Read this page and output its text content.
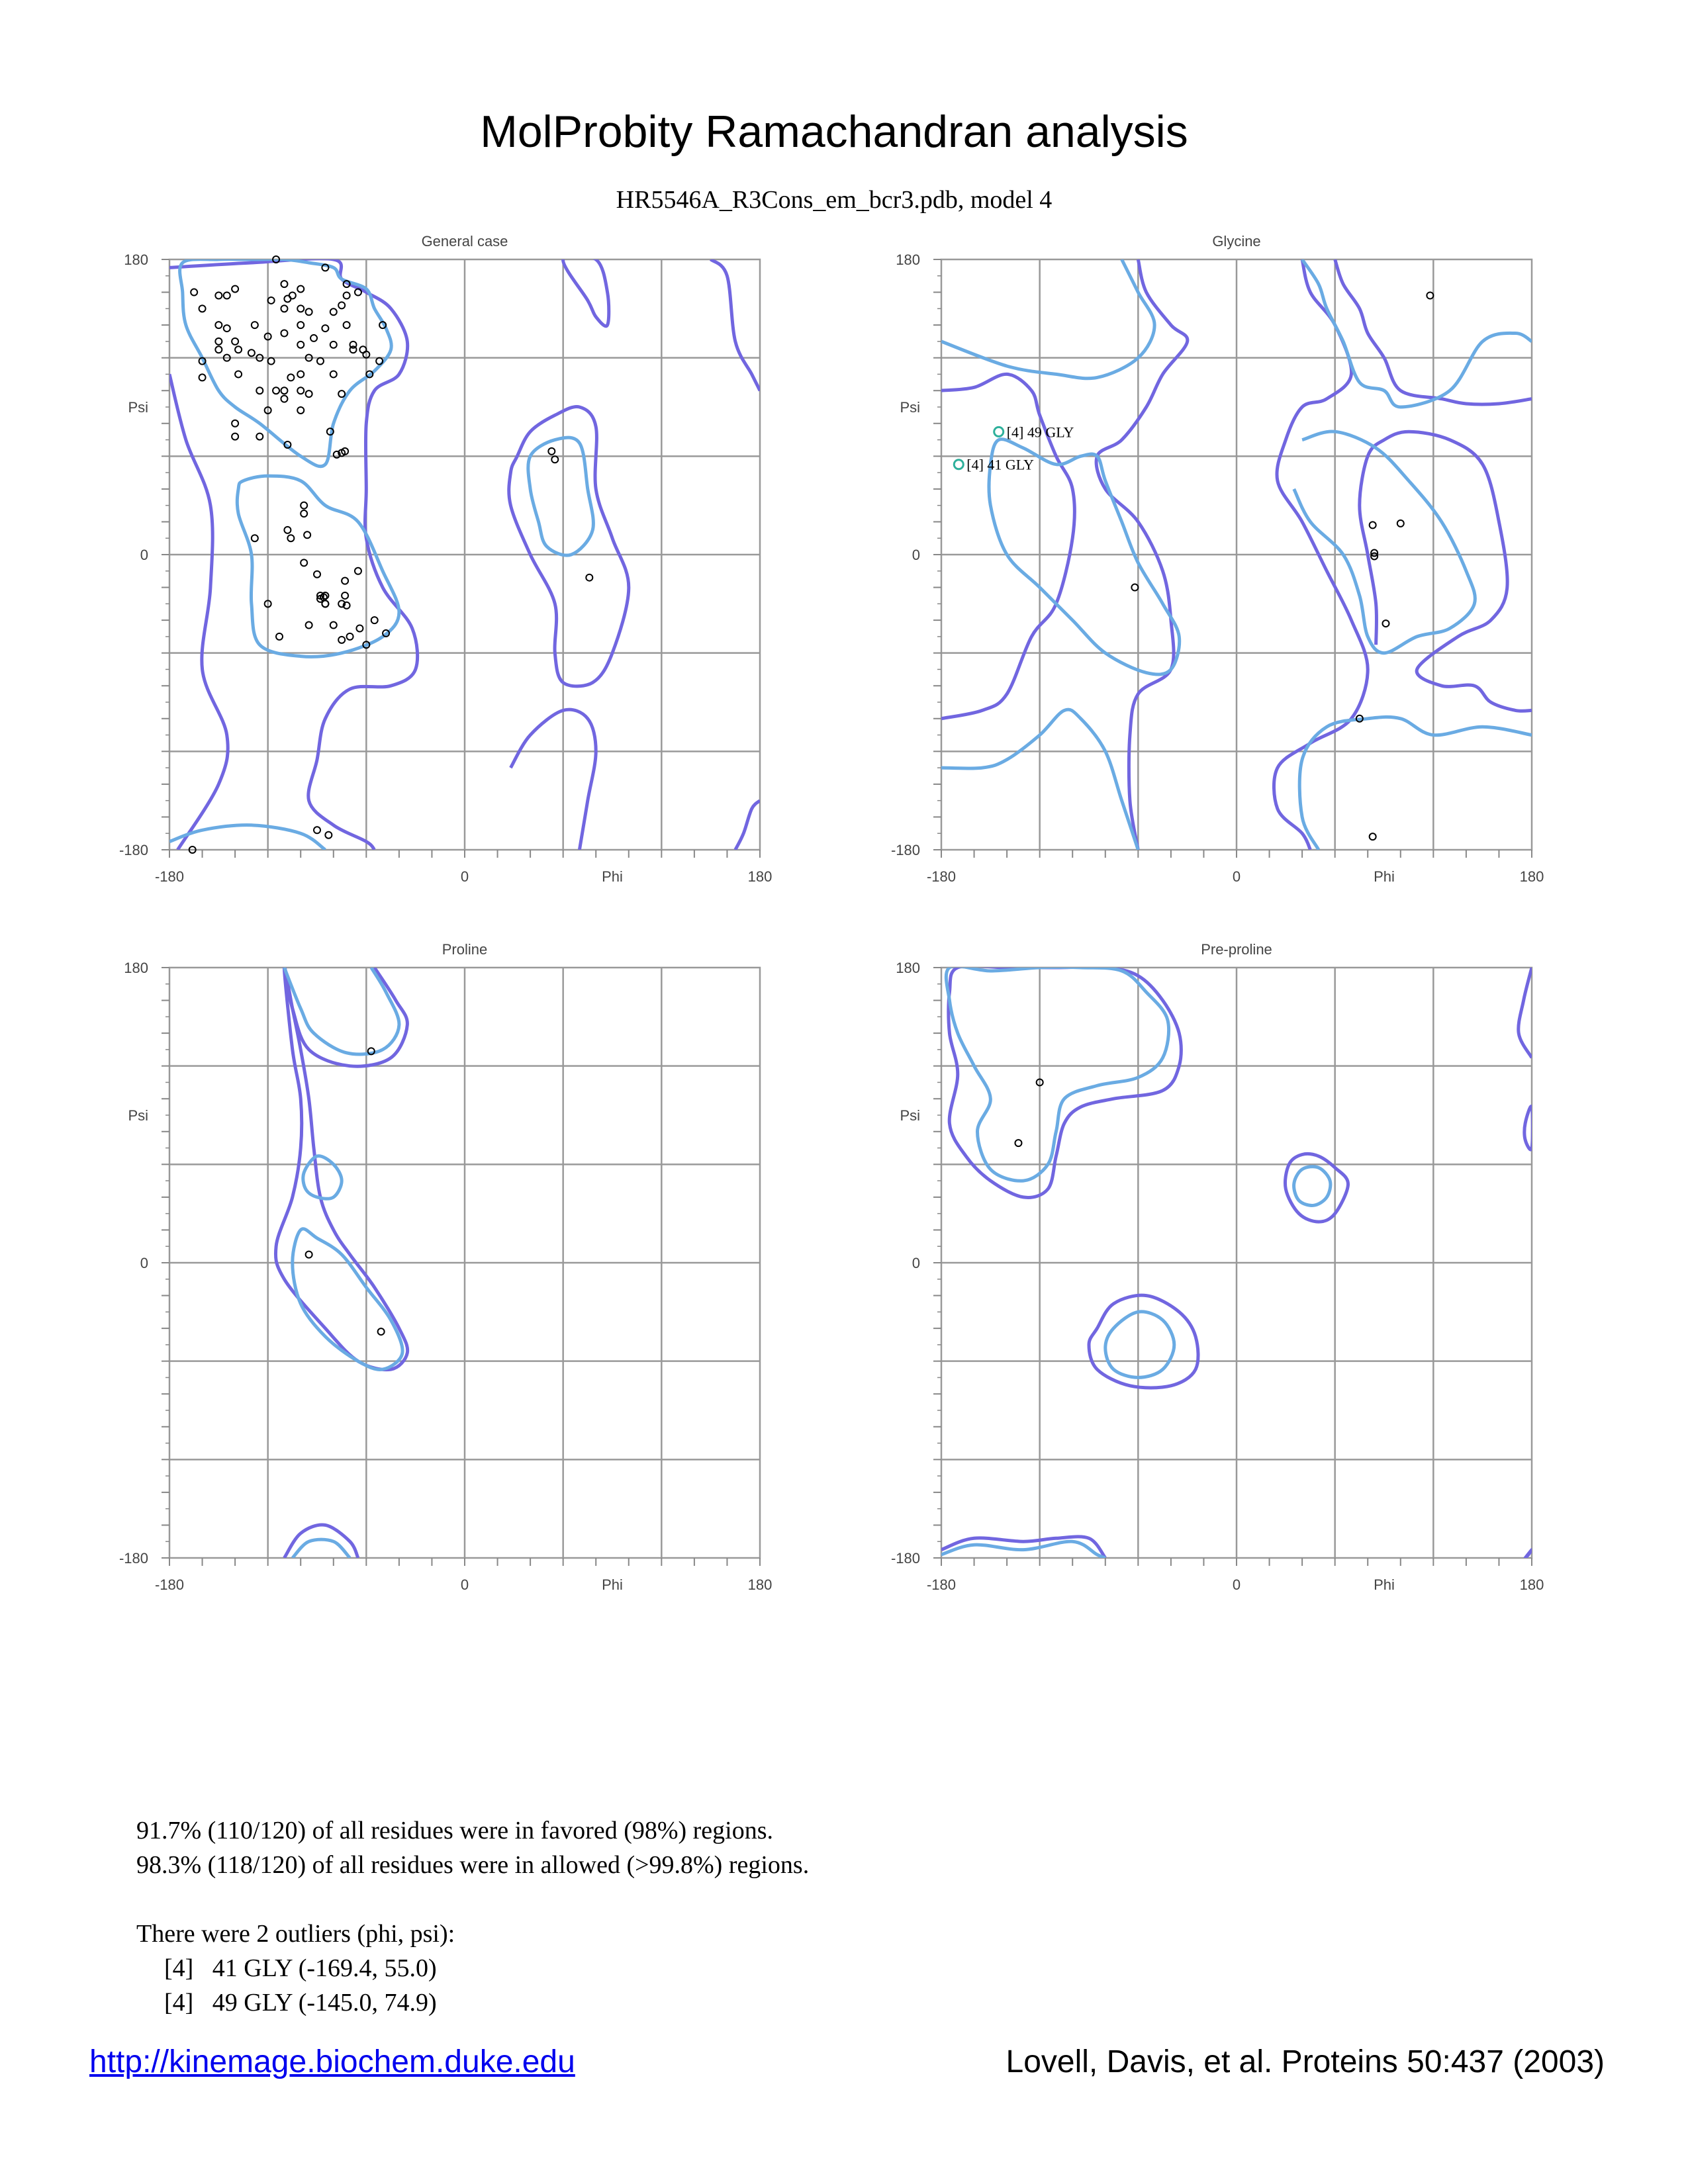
MolProbity Ramachandran analysis
HR5546A_R3Cons_em_bcr3.pdb, model 4
General case
-180	0	180
Phi
180
0
-180
Psi
Glycine
-180	0	180
Phi
180
0
-180
Psi
[4] 41 GLY
[4] 49 GLY
Proline
-180	0	180
Phi
180
0
-180
Psi
Pre-proline
-180	0	180
Phi
180
0
-180
Psi
91.7% (110/120) of all residues were in favored (98%) regions.
98.3% (118/120) of all residues were in allowed (>99.8%) regions.
There were 2 outliers (phi, psi):
[4]   41 GLY (-169.4, 55.0)
[4]   49 GLY (-145.0, 74.9)
http://kinemage.biochem.duke.edu	Lovell, Davis, et al. Proteins 50:437 (2003)
